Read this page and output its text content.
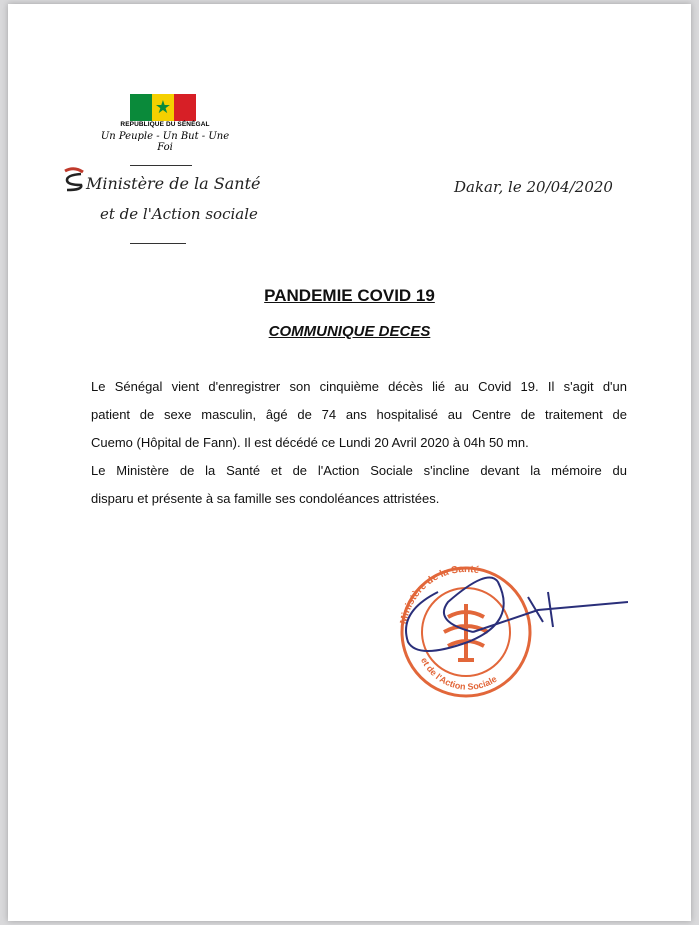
★
REPUBLIQUE DU SÉNÉGAL
Un Peuple - Un But - Une Foi
Ministère de la Santé
et de l'Action sociale
Dakar, le 20/04/2020
PANDEMIE COVID 19
COMMUNIQUE DECES

Le Sénégal vient d'enregistrer son cinquième décès lié au Covid 19. Il s'agit d'un

patient de sexe masculin, âgé de 74 ans hospitalisé au Centre de traitement de

Cuemo (Hôpital de Fann). Il est décédé ce Lundi 20 Avril 2020 à 04h 50 mn.

Le Ministère de la Santé et de l'Action Sociale s'incline devant la mémoire du

disparu et présente à sa famille ses condoléances attristées.

Ministère de la Santé
et de l'Action Sociale
